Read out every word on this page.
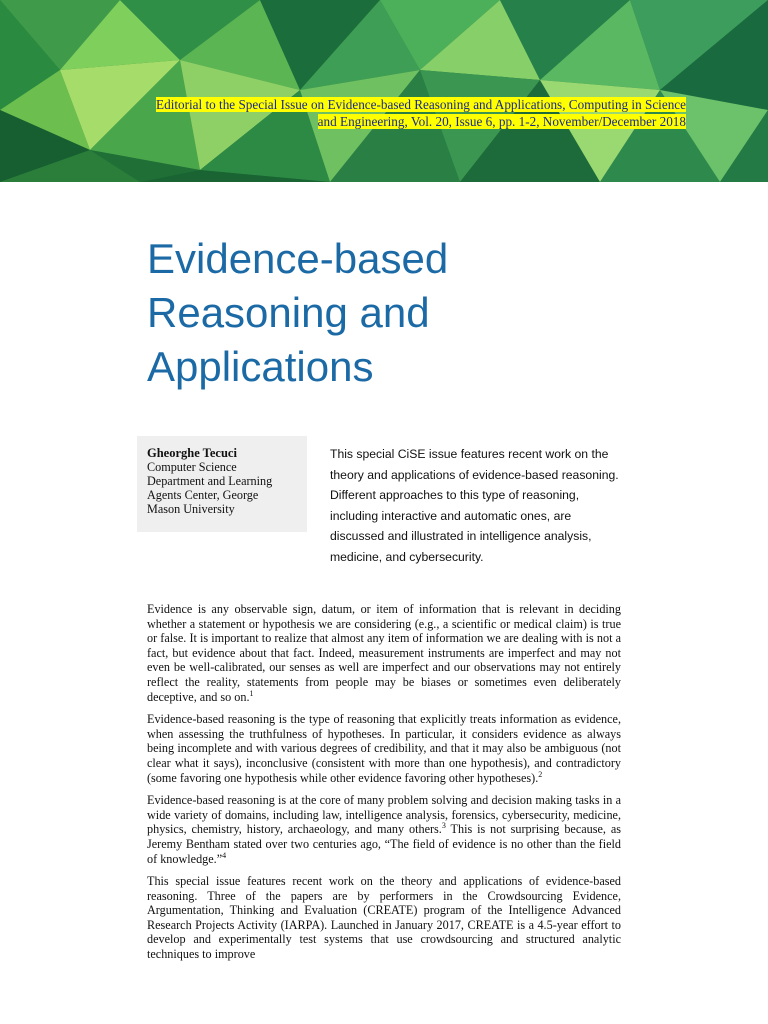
Editorial to the Special Issue on Evidence-based Reasoning and Applications, Computing in Science and Engineering, Vol. 20, Issue 6, pp. 1-2, November/December 2018
Evidence-based
Reasoning and
Applications
Gheorghe Tecuci
Computer Science
Department and Learning
Agents Center, George
Mason University
This special CiSE issue features recent work on the theory and applications of evidence-based reasoning. Different approaches to this type of reasoning, including interactive and automatic ones, are discussed and illustrated in intelligence analysis, medicine, and cybersecurity.

Evidence is any observable sign, datum, or item of information that is relevant in deciding whether a statement or hypothesis we are considering (e.g., a scientific or medical claim) is true or false. It is important to realize that almost any item of information we are dealing with is not a fact, but evidence about that fact. Indeed, measurement instruments are imperfect and may not even be well-calibrated, our senses as well are imperfect and our observations may not entirely reflect the reality, statements from people may be biases or sometimes even deliberately deceptive, and so on.$^1$

Evidence-based reasoning is the type of reasoning that explicitly treats information as evidence, when assessing the truthfulness of hypotheses. In particular, it considers evidence as always being incomplete and with various degrees of credibility, and that it may also be ambiguous (not clear what it says), inconclusive (consistent with more than one hypothesis), and contradictory (some favoring one hypothesis while other evidence favoring other hypotheses).$^2$

Evidence-based reasoning is at the core of many problem solving and decision making tasks in a wide variety of domains, including law, intelligence analysis, forensics, cybersecurity, medicine, physics, chemistry, history, archaeology, and many others.$^3$ This is not surprising because, as Jeremy Bentham stated over two centuries ago, “The field of evidence is no other than the field of knowledge.”$^4$

This special issue features recent work on the theory and applications of evidence-based reasoning. Three of the papers are by performers in the Crowdsourcing Evidence, Argumentation, Thinking and Evaluation (CREATE) program of the Intelligence Advanced Research Projects Activity (IARPA). Launched in January 2017, CREATE is a 4.5-year effort to develop and experimentally test systems that use crowdsourcing and structured analytic techniques to improve
